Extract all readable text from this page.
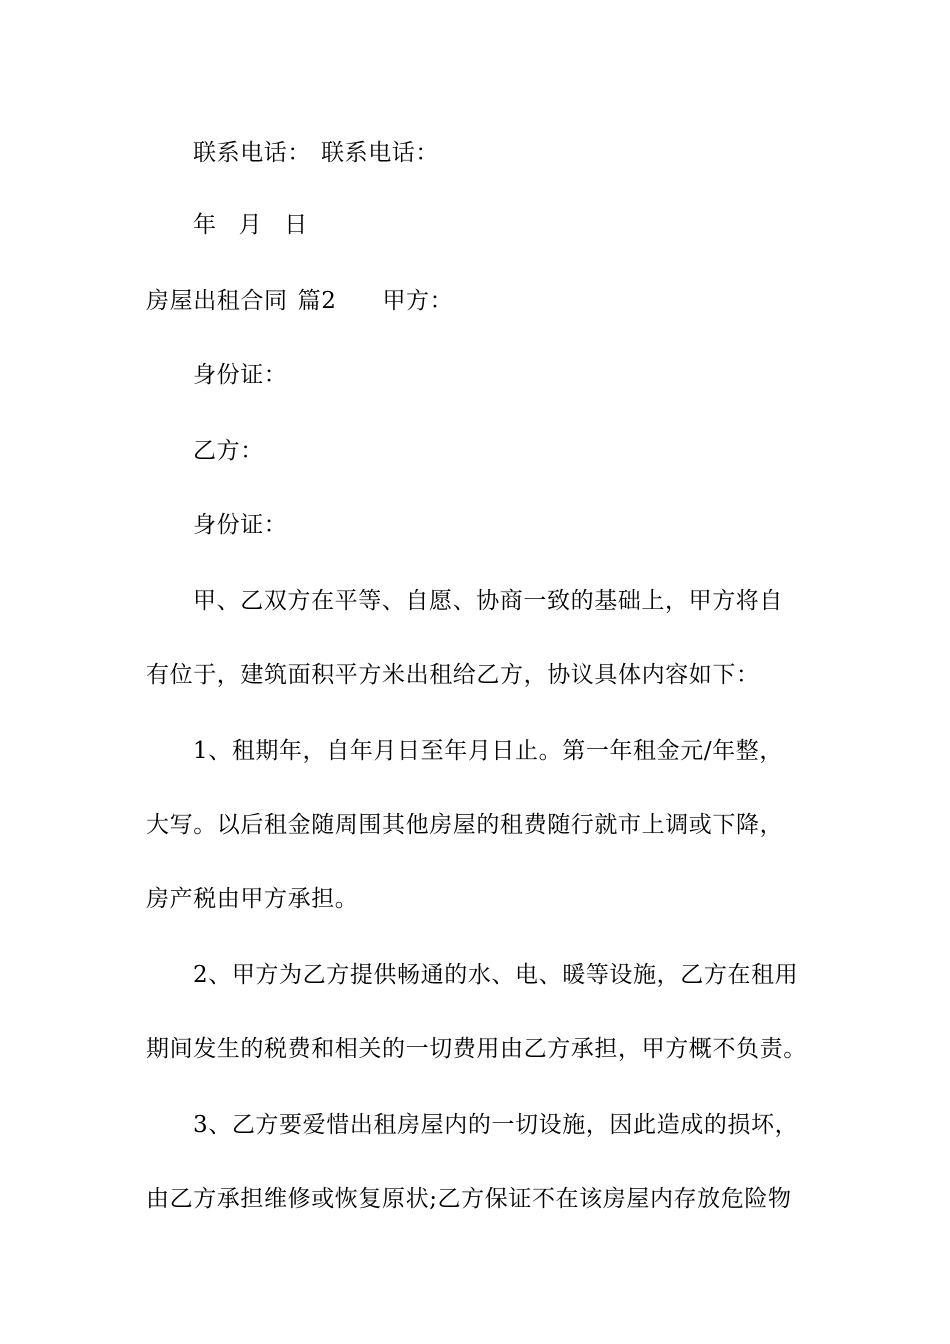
联系电话： 联系电话：
年 月 日
房屋出租合同 篇2 甲方：
身份证：
乙方：
身份证：
甲、乙双方在平等、自愿、协商一致的基础上，甲方将自
有位于，建筑面积平方米出租给乙方，协议具体内容如下：
1、租期年，自年月日至年月日止。第一年租金元/年整，
大写。以后租金随周围其他房屋的租费随行就市上调或下降，
房产税由甲方承担。
2、甲方为乙方提供畅通的水、电、暖等设施，乙方在租用
期间发生的税费和相关的一切费用由乙方承担，甲方概不负责。
3、乙方要爱惜出租房屋内的一切设施，因此造成的损坏，
由乙方承担维修或恢复原状;乙方保证不在该房屋内存放危险物
